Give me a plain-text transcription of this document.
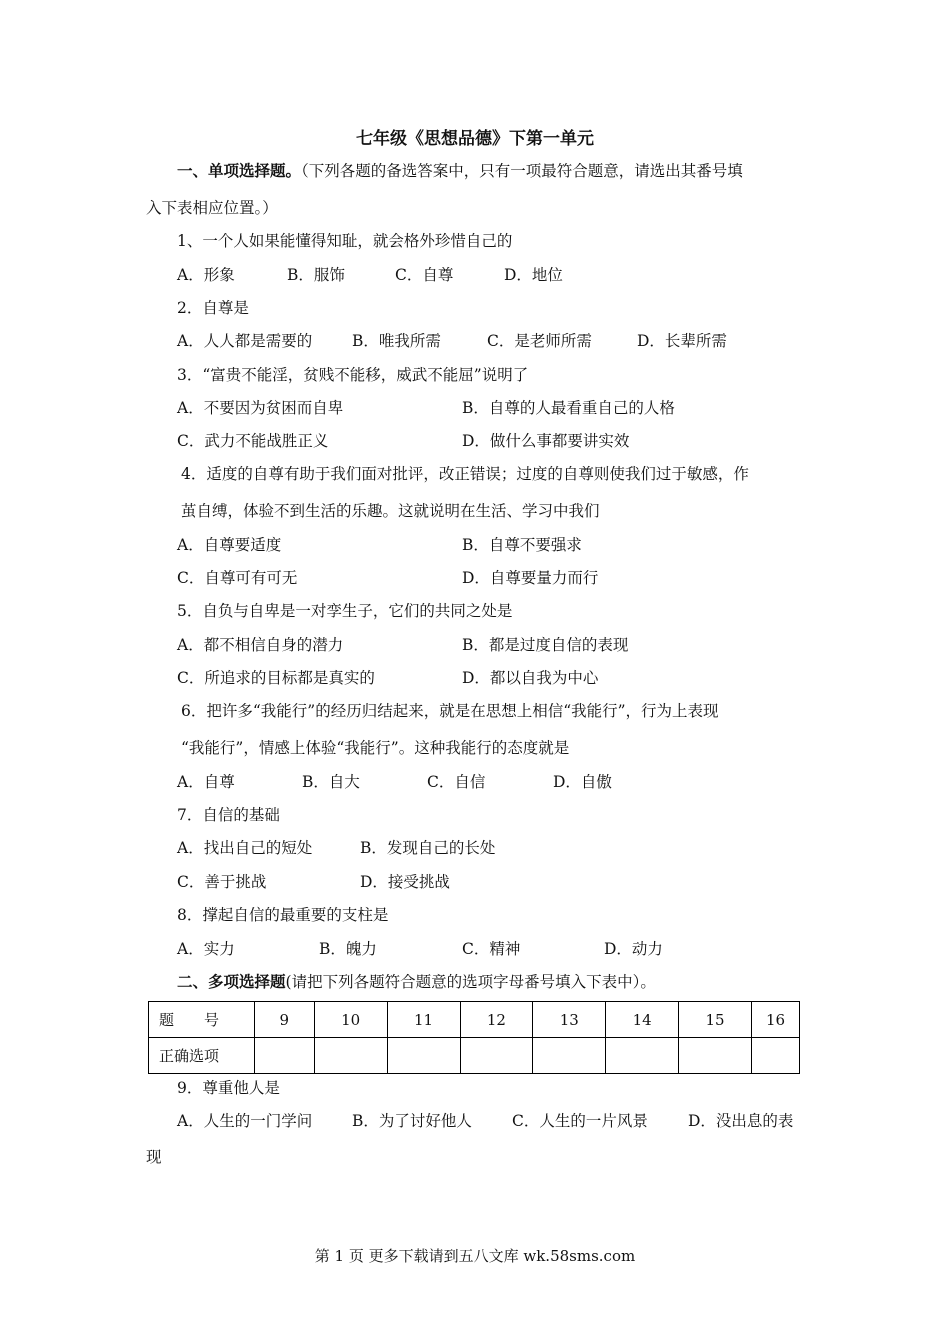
七年级《思想品德》下第一单元
一、单项选择题。（下列各题的备选答案中，只有一项最符合题意，请选出其番号填
入下表相应位置。）
1、一个人如果能懂得知耻，就会格外珍惜自己的
A．形象	B．服饰	C．自尊	D．地位
2．自尊是
A．人人都是需要的	B．唯我所需	C．是老师所需	D．长辈所需
3．“富贵不能淫，贫贱不能移，威武不能屈”说明了
A．不要因为贫困而自卑	B．自尊的人最看重自己的人格
C．武力不能战胜正义	D．做什么事都要讲实效
4．适度的自尊有助于我们面对批评，改正错误；过度的自尊则使我们过于敏感，作
茧自缚，体验不到生活的乐趣。这就说明在生活、学习中我们
A．自尊要适度	B．自尊不要强求
C．自尊可有可无	D．自尊要量力而行
5．自负与自卑是一对孪生子，它们的共同之处是
A．都不相信自身的潜力	B．都是过度自信的表现
C．所追求的目标都是真实的	D．都以自我为中心
6．把许多“我能行”的经历归结起来，就是在思想上相信“我能行”，行为上表现
“我能行”，情感上体验“我能行”。这种我能行的态度就是
A．自尊	B．自大	C．自信	D．自傲
7．自信的基础
A．找出自己的短处	B．发现自己的长处
C．善于挑战	D．接受挑战
8．撑起自信的最重要的支柱是
A．实力	B．魄力	C．精神	D．动力
二、多项选择题(请把下列各题符合题意的选项字母番号填入下表中）。
题　　号	9	10	11	12	13	14	15	16
正确选项								
9．尊重他人是
A．人生的一门学问	B．为了讨好他人	C．人生的一片风景	D．没出息的表
现
第 1 页 更多下载请到五八文库 wk.58sms.com
